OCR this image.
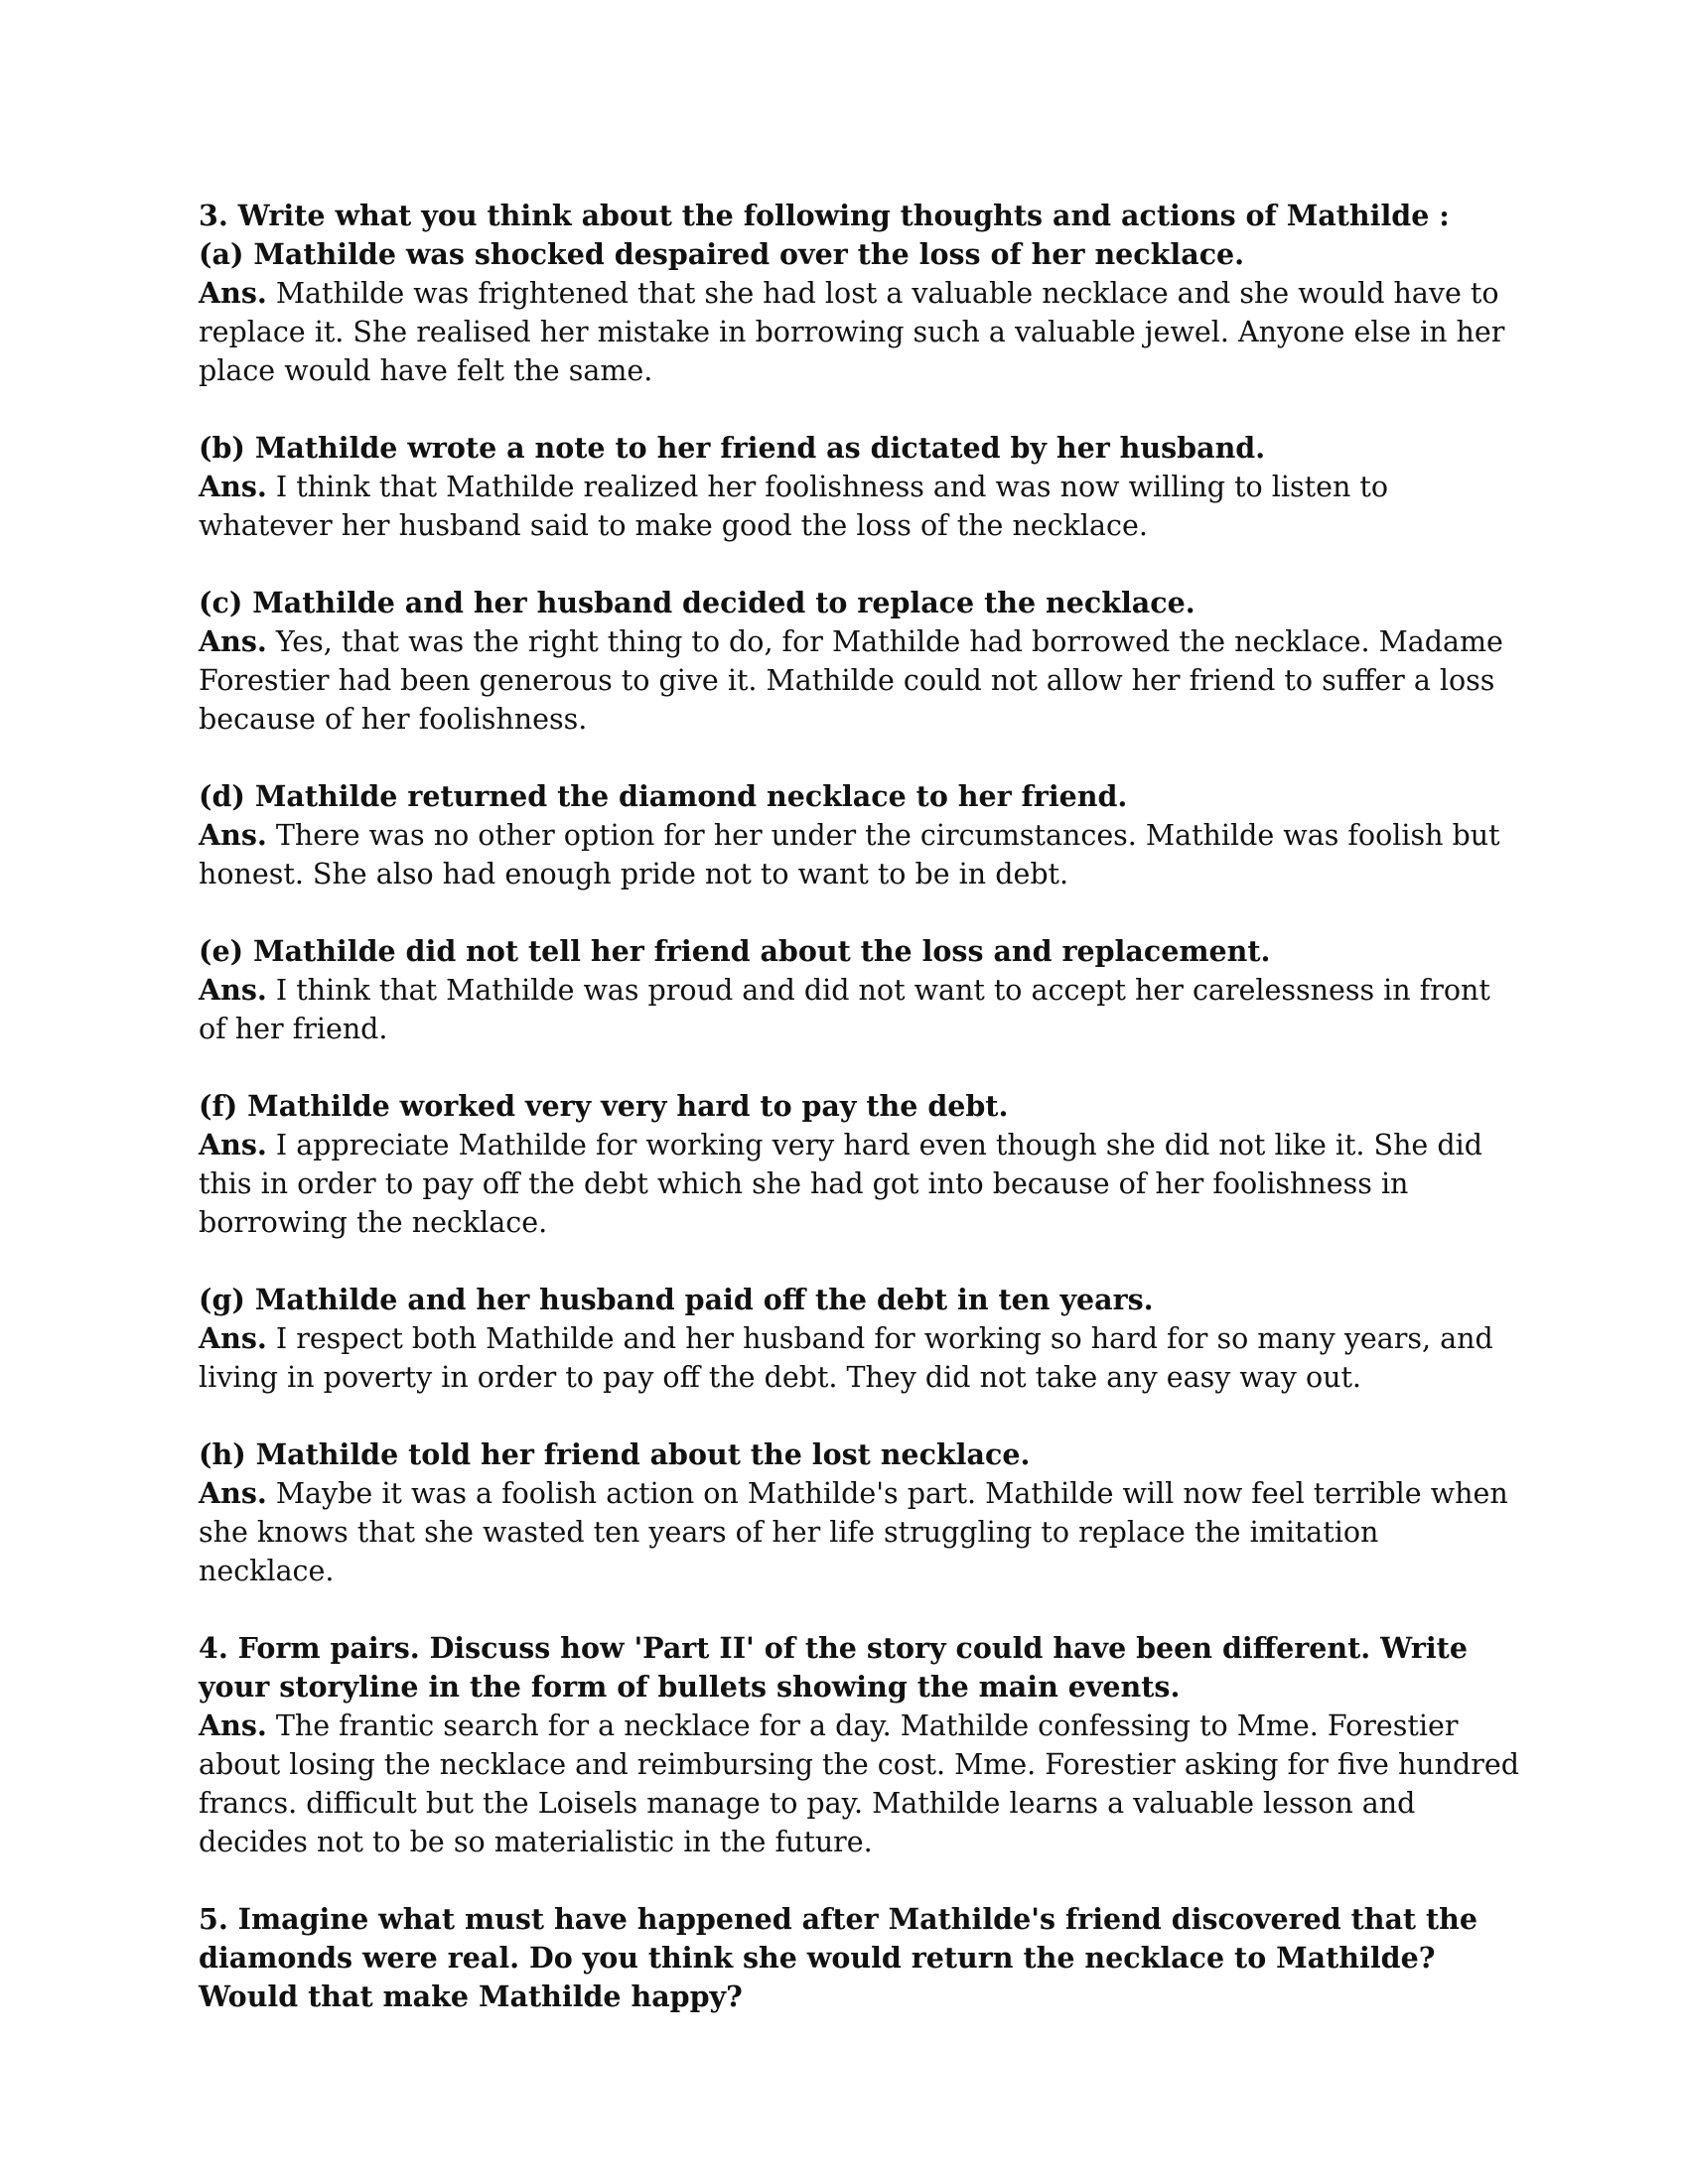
3. Write what you think about the following thoughts and actions of Mathilde :

(a) Mathilde was shocked despaired over the loss of her necklace.

Ans. Mathilde was frightened that she had lost a valuable necklace and she would have to replace it. She realised her mistake in borrowing such a valuable jewel. Anyone else in her place would have felt the same.

(b) Mathilde wrote a note to her friend as dictated by her husband.

Ans. I think that Mathilde realized her foolishness and was now willing to listen to whatever her husband said to make good the loss of the necklace.

(c) Mathilde and her husband decided to replace the necklace.

Ans. Yes, that was the right thing to do, for Mathilde had borrowed the necklace. Madame Forestier had been generous to give it. Mathilde could not allow her friend to suffer a loss because of her foolishness.

(d) Mathilde returned the diamond necklace to her friend.

Ans. There was no other option for her under the circumstances. Mathilde was foolish but honest. She also had enough pride not to want to be in debt.

(e) Mathilde did not tell her friend about the loss and replacement.

Ans. I think that Mathilde was proud and did not want to accept her carelessness in front of her friend.

(f) Mathilde worked very very hard to pay the debt.

Ans. I appreciate Mathilde for working very hard even though she did not like it. She did this in order to pay off the debt which she had got into because of her foolishness in borrowing the necklace.

(g) Mathilde and her husband paid off the debt in ten years.

Ans. I respect both Mathilde and her husband for working so hard for so many years, and living in poverty in order to pay off the debt. They did not take any easy way out.

(h) Mathilde told her friend about the lost necklace.

Ans. Maybe it was a foolish action on Mathilde's part. Mathilde will now feel terrible when she knows that she wasted ten years of her life struggling to replace the imitation necklace.

4. Form pairs. Discuss how 'Part II' of the story could have been different. Write your storyline in the form of bullets showing the main events.

Ans. The frantic search for a necklace for a day. Mathilde confessing to Mme. Forestier about losing the necklace and reimbursing the cost. Mme. Forestier asking for five hundred francs. difficult but the Loisels manage to pay. Mathilde learns a valuable lesson and decides not to be so materialistic in the future.

5. Imagine what must have happened after Mathilde's friend discovered that the diamonds were real. Do you think she would return the necklace to Mathilde? Would that make Mathilde happy?
